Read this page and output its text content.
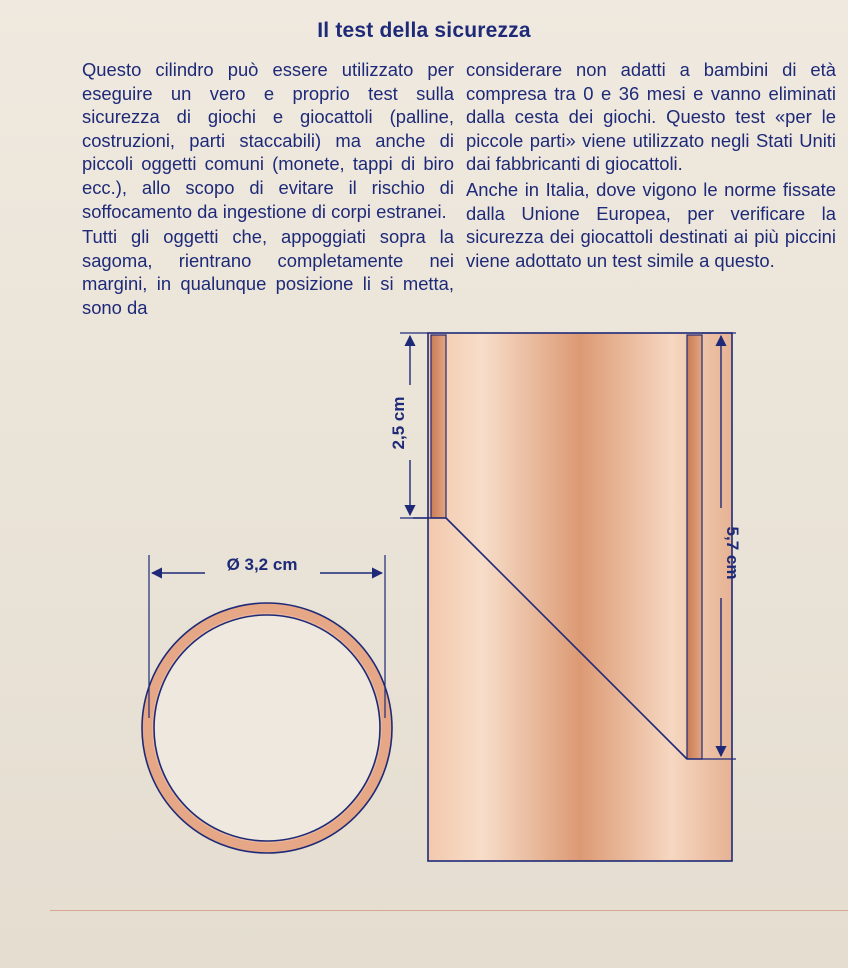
Il test della sicurezza

Questo cilindro può essere utilizzato per eseguire un vero e proprio test sulla sicurezza di giochi e giocattoli (palline, costruzioni, parti staccabili) ma anche di piccoli oggetti comuni (monete, tappi di biro ecc.), allo scopo di evitare il rischio di soffocamento da ingestione di corpi estranei.

Tutti gli oggetti che, appoggiati sopra la sagoma, rientrano completamente nei margini, in qualunque posizione li si metta, sono da

considerare non adatti a bambini di età compresa tra 0 e 36 mesi e vanno eliminati dalla cesta dei giochi. Questo test «per le piccole parti» viene utilizzato negli Stati Uniti dai fabbricanti di giocattoli.

Anche in Italia, dove vigono le norme fissate dalla Unione Europea, per verificare la sicurezza dei giocattoli destinati ai più piccini viene adottato un test simile a questo.

Ø 3,2 cm
2,5 cm
5,7 cm
